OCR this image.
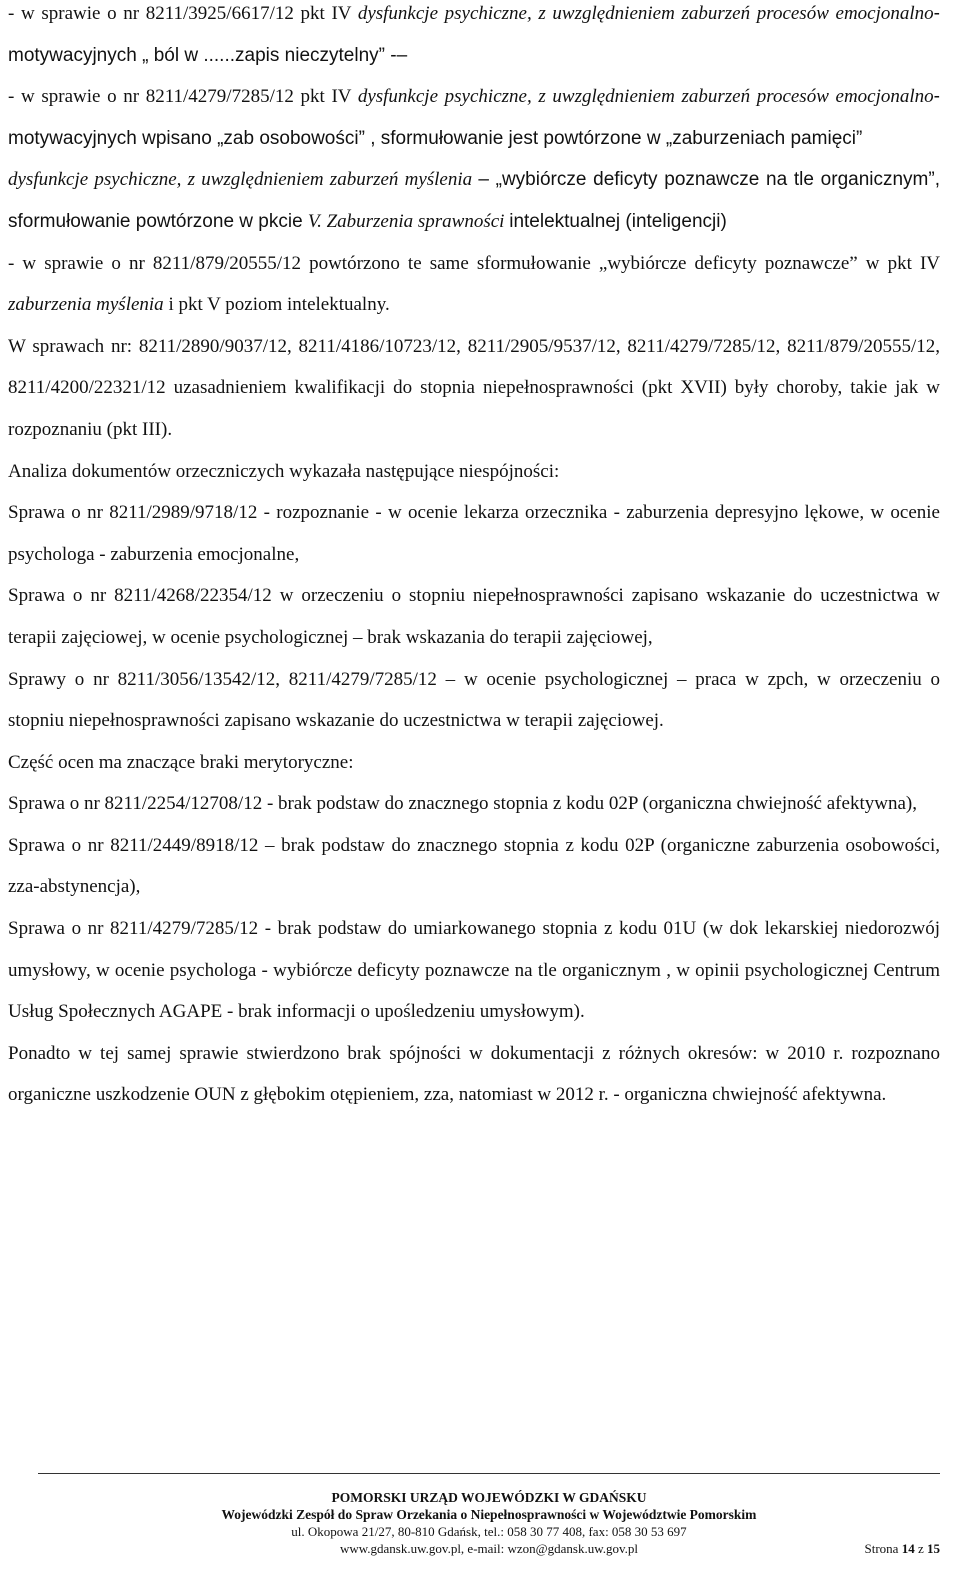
- w sprawie o nr 8211/3925/6617/12 pkt IV dysfunkcje psychiczne, z uwzględnieniem zaburzeń procesów emocjonalno-motywacyjnych „ ból w ......zapis nieczytelny” -–

- w sprawie o nr 8211/4279/7285/12 pkt IV dysfunkcje psychiczne, z uwzględnieniem zaburzeń procesów emocjonalno-motywacyjnych wpisano „zab osobowości” , sformułowanie jest powtórzone w „zaburzeniach pamięci”

dysfunkcje psychiczne, z uwzględnieniem zaburzeń myślenia – „wybiórcze deficyty poznawcze na tle organicznym”, sformułowanie powtórzone w pkcie V. Zaburzenia sprawności intelektualnej (inteligencji)

- w sprawie o nr 8211/879/20555/12 powtórzono te same sformułowanie „wybiórcze deficyty poznawcze” w pkt IV zaburzenia myślenia i pkt V poziom intelektualny.

W sprawach nr: 8211/2890/9037/12, 8211/4186/10723/12, 8211/2905/9537/12, 8211/4279/7285/12, 8211/879/20555/12, 8211/4200/22321/12 uzasadnieniem kwalifikacji do stopnia niepełnosprawności (pkt XVII) były choroby, takie jak w rozpoznaniu (pkt III).

Analiza dokumentów orzeczniczych wykazała następujące niespójności:

Sprawa o nr 8211/2989/9718/12 - rozpoznanie - w ocenie lekarza orzecznika - zaburzenia depresyjno lękowe, w ocenie psychologa - zaburzenia emocjonalne,

Sprawa o nr 8211/4268/22354/12 w orzeczeniu o stopniu niepełnosprawności zapisano wskazanie do uczestnictwa w terapii zajęciowej, w ocenie psychologicznej – brak wskazania do terapii zajęciowej,

Sprawy o nr 8211/3056/13542/12, 8211/4279/7285/12 – w ocenie psychologicznej – praca w zpch, w orzeczeniu o stopniu niepełnosprawności zapisano wskazanie do uczestnictwa w terapii zajęciowej.

Część ocen ma znaczące braki merytoryczne:

Sprawa o nr 8211/2254/12708/12 - brak podstaw do znacznego stopnia z kodu 02P (organiczna chwiejność afektywna),

Sprawa o nr 8211/2449/8918/12 – brak podstaw do znacznego stopnia z kodu 02P (organiczne zaburzenia osobowości, zza-abstynencja),

Sprawa o nr 8211/4279/7285/12 - brak podstaw do umiarkowanego stopnia z kodu 01U (w dok lekarskiej niedorozwój umysłowy, w ocenie psychologa - wybiórcze deficyty poznawcze na tle organicznym , w opinii psychologicznej Centrum Usług Społecznych AGAPE - brak informacji o upośledzeniu umysłowym).

Ponadto w tej samej sprawie stwierdzono brak spójności w dokumentacji z różnych okresów: w 2010 r. rozpoznano organiczne uszkodzenie OUN z głębokim otępieniem, zza, natomiast w 2012 r. - organiczna chwiejność afektywna.

POMORSKI URZĄD WOJEWÓDZKI W GDAŃSKU

Wojewódzki Zespół do Spraw Orzekania o Niepełnosprawności w Województwie Pomorskim

ul. Okopowa 21/27, 80-810 Gdańsk, tel.: 058 30 77 408, fax: 058 30 53 697

www.gdansk.uw.gov.pl, e-mail: wzon@gdansk.uw.gov.pl	Strona 14 z 15
